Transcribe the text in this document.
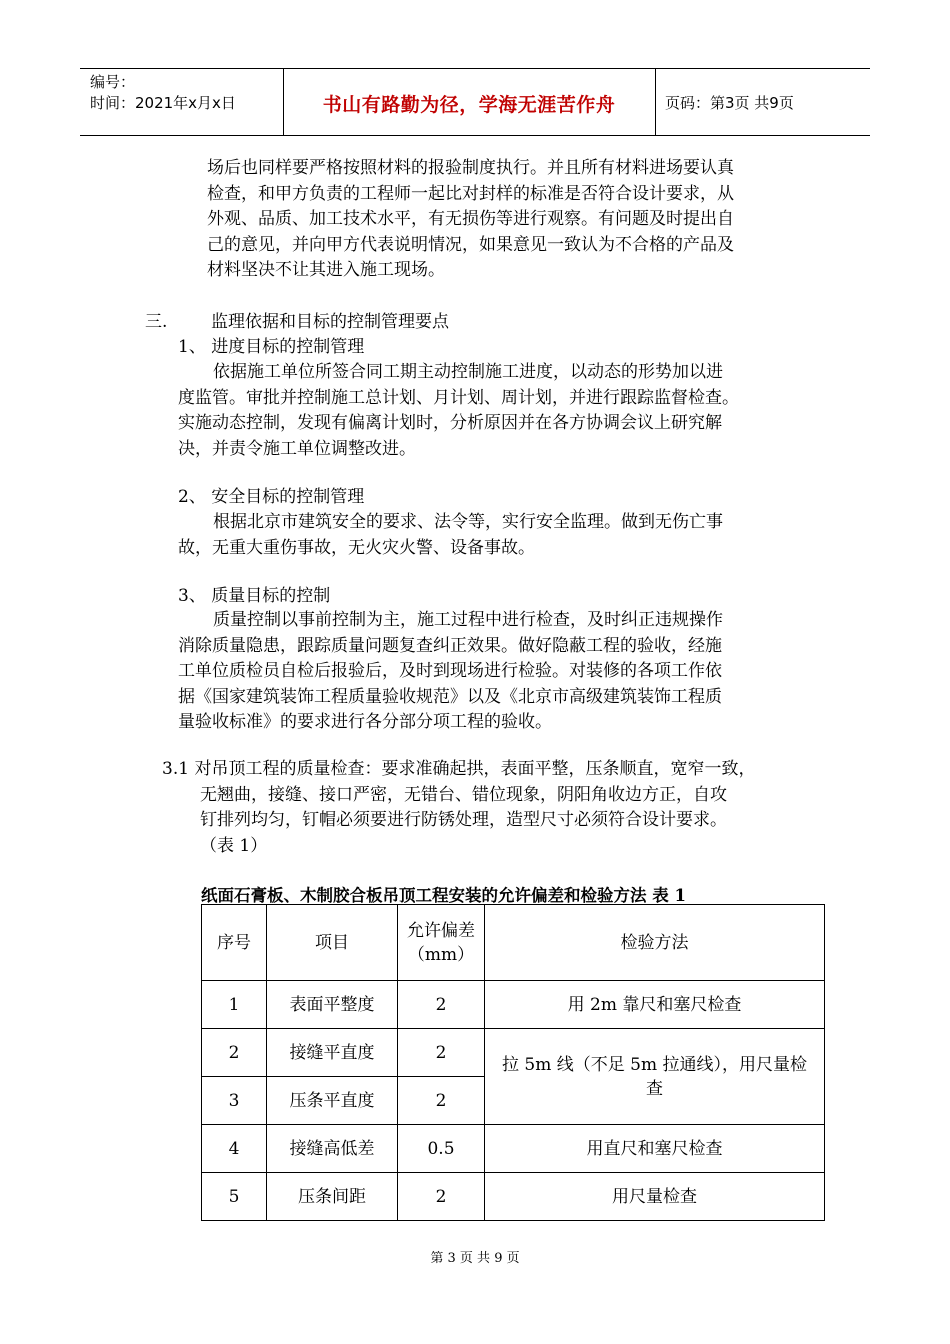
编号：
时间：2021年x月x日	书山有路勤为径，学海无涯苦作舟	页码：第3页 共9页
场后也同样要严格按照材料的报验制度执行。并且所有材料进场要认真
检查，和甲方负责的工程师一起比对封样的标准是否符合设计要求，从
外观、品质、加工技术水平，有无损伤等进行观察。有问题及时提出自
己的意见，并向甲方代表说明情况，如果意见一致认为不合格的产品及
材料坚决不让其进入施工现场。
三.	监理依据和目标的控制管理要点
1、 进度目标的控制管理
依据施工单位所签合同工期主动控制施工进度，以动态的形势加以进
度监管。审批并控制施工总计划、月计划、周计划，并进行跟踪监督检查。
实施动态控制，发现有偏离计划时，分析原因并在各方协调会议上研究解
决，并责令施工单位调整改进。
2、 安全目标的控制管理
根据北京市建筑安全的要求、法令等，实行安全监理。做到无伤亡事
故，无重大重伤事故，无火灾火警、设备事故。
3、 质量目标的控制
质量控制以事前控制为主，施工过程中进行检查，及时纠正违规操作
消除质量隐患，跟踪质量问题复查纠正效果。做好隐蔽工程的验收，经施
工单位质检员自检后报验后，及时到现场进行检验。对装修的各项工作依
据《国家建筑装饰工程质量验收规范》以及《北京市高级建筑装饰工程质
量验收标准》的要求进行各分部分项工程的验收。
3.1 对吊顶工程的质量检查：要求准确起拱，表面平整，压条顺直，宽窄一致，
无翘曲，接缝、接口严密，无错台、错位现象，阴阳角收边方正，自攻
钉排列均匀，钉帽必须要进行防锈处理，造型尺寸必须符合设计要求。
（表 1）
纸面石膏板、木制胶合板吊顶工程安装的允许偏差和检验方法 表 1
序号	项目	允许偏差（mm）	检验方法
1	表面平整度	2	用 2m 靠尺和塞尺检查
2	接缝平直度	2	拉 5m 线（不足 5m 拉通线），用尺量检查
3	压条平直度	2	
4	接缝高低差	0.5	用直尺和塞尺检查
5	压条间距	2	用尺量检查
第 3 页 共 9 页
